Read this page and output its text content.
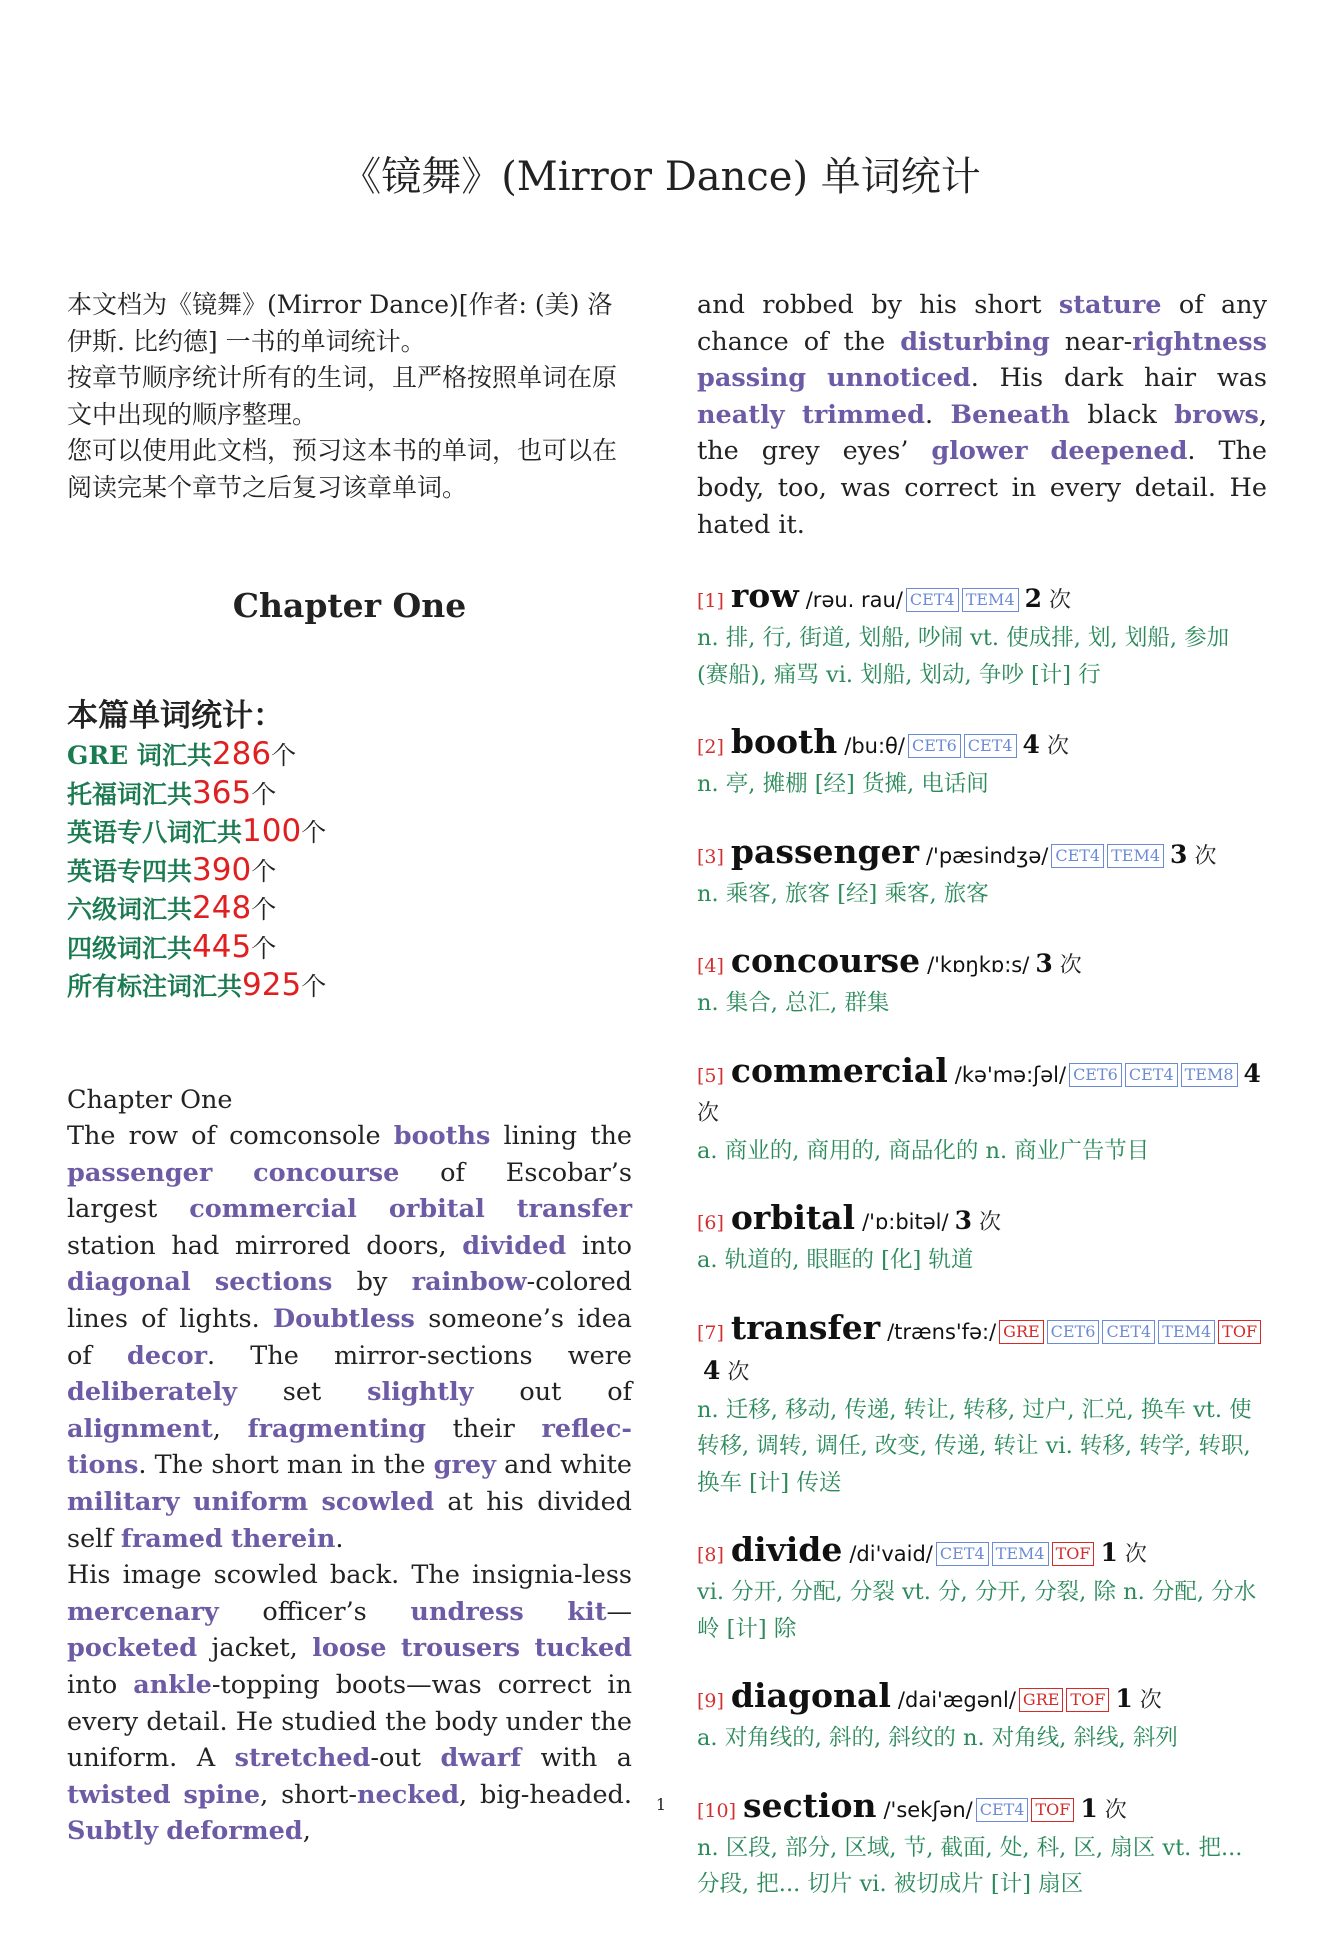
《镜舞》(Mirror Dance) 单词统计

本文档为《镜舞》(Mirror Dance)[作者: (美) 洛伊斯. 比约德] 一书的单词统计。

按章节顺序统计所有的生词，且严格按照单词在原文中出现的顺序整理。

您可以使用此文档，预习这本书的单词，也可以在阅读完某个章节之后复习该章单词。

Chapter One
本篇单词统计：
GRE 词汇共286个
托福词汇共365个
英语专八词汇共100个
英语专四共390个
六级词汇共248个
四级词汇共445个
所有标注词汇共925个
Chapter One
The row of comconsole booths lining the passenger concourse of Escobar’s largest commercial orbital transfer station had mirrored doors, divided into diagonal sections by rainbow-colored lines of lights. Doubtless someone’s idea of decor. The mirror-sections were deliberately set slightly out of alignment, fragmenting their reflections. The short man in the grey and white military uniform scowled at his divided self framed therein.
His image scowled back. The insignia-less mercenary officer’s undress kit—pocketed jacket, loose trousers tucked into ankle-topping boots—was correct in every detail. He studied the body under the uniform. A stretched-out dwarf with a twisted spine, short-necked, big-headed. Subtly deformed,
and robbed by his short stature of any chance of the disturbing near-rightness passing unnoticed. His dark hair was neatly trimmed. Beneath black brows, the grey eyes’ glower deepened. The body, too, was correct in every detail. He hated it.
[1] row /rəu. rau/ CET4 TEM4 2 次
n. 排, 行, 街道, 划船, 吵闹 vt. 使成排, 划, 划船, 参加 (赛船), 痛骂 vi. 划船, 划动, 争吵 [计] 行
[2] booth /bu:θ/ CET6 CET4 4 次
n. 亭, 摊棚 [经] 货摊, 电话间
[3] passenger /'pæsindʒə/ CET4 TEM4 3 次
n. 乘客, 旅客 [经] 乘客, 旅客
[4] concourse /'kɒŋkɒ:s/ 3 次
n. 集合, 总汇, 群集
[5] commercial /kə'mə:ʃəl/ CET6 CET4 TEM8 4 次
a. 商业的, 商用的, 商品化的 n. 商业广告节目
[6] orbital /'ɒ:bitəl/ 3 次
a. 轨道的, 眼眶的 [化] 轨道
[7] transfer /træns'fə:/ GRE CET6 CET4 TEM4 TOF4 次
n. 迁移, 移动, 传递, 转让, 转移, 过户, 汇兑, 换车 vt. 使转移, 调转, 调任, 改变, 传递, 转让 vi. 转移, 转学, 转职, 换车 [计] 传送
[8] divide /di'vaid/ CET4 TEM4 TOF 1 次
vi. 分开, 分配, 分裂 vt. 分, 分开, 分裂, 除 n. 分配, 分水岭 [计] 除
[9] diagonal /dai'ægənl/ GRE TOF 1 次
a. 对角线的, 斜的, 斜纹的 n. 对角线, 斜线, 斜列
[10] section /'sekʃən/ CET4 TOF 1 次
n. 区段, 部分, 区域, 节, 截面, 处, 科, 区, 扇区 vt. 把... 分段, 把... 切片 vi. 被切成片 [计] 扇区
1
